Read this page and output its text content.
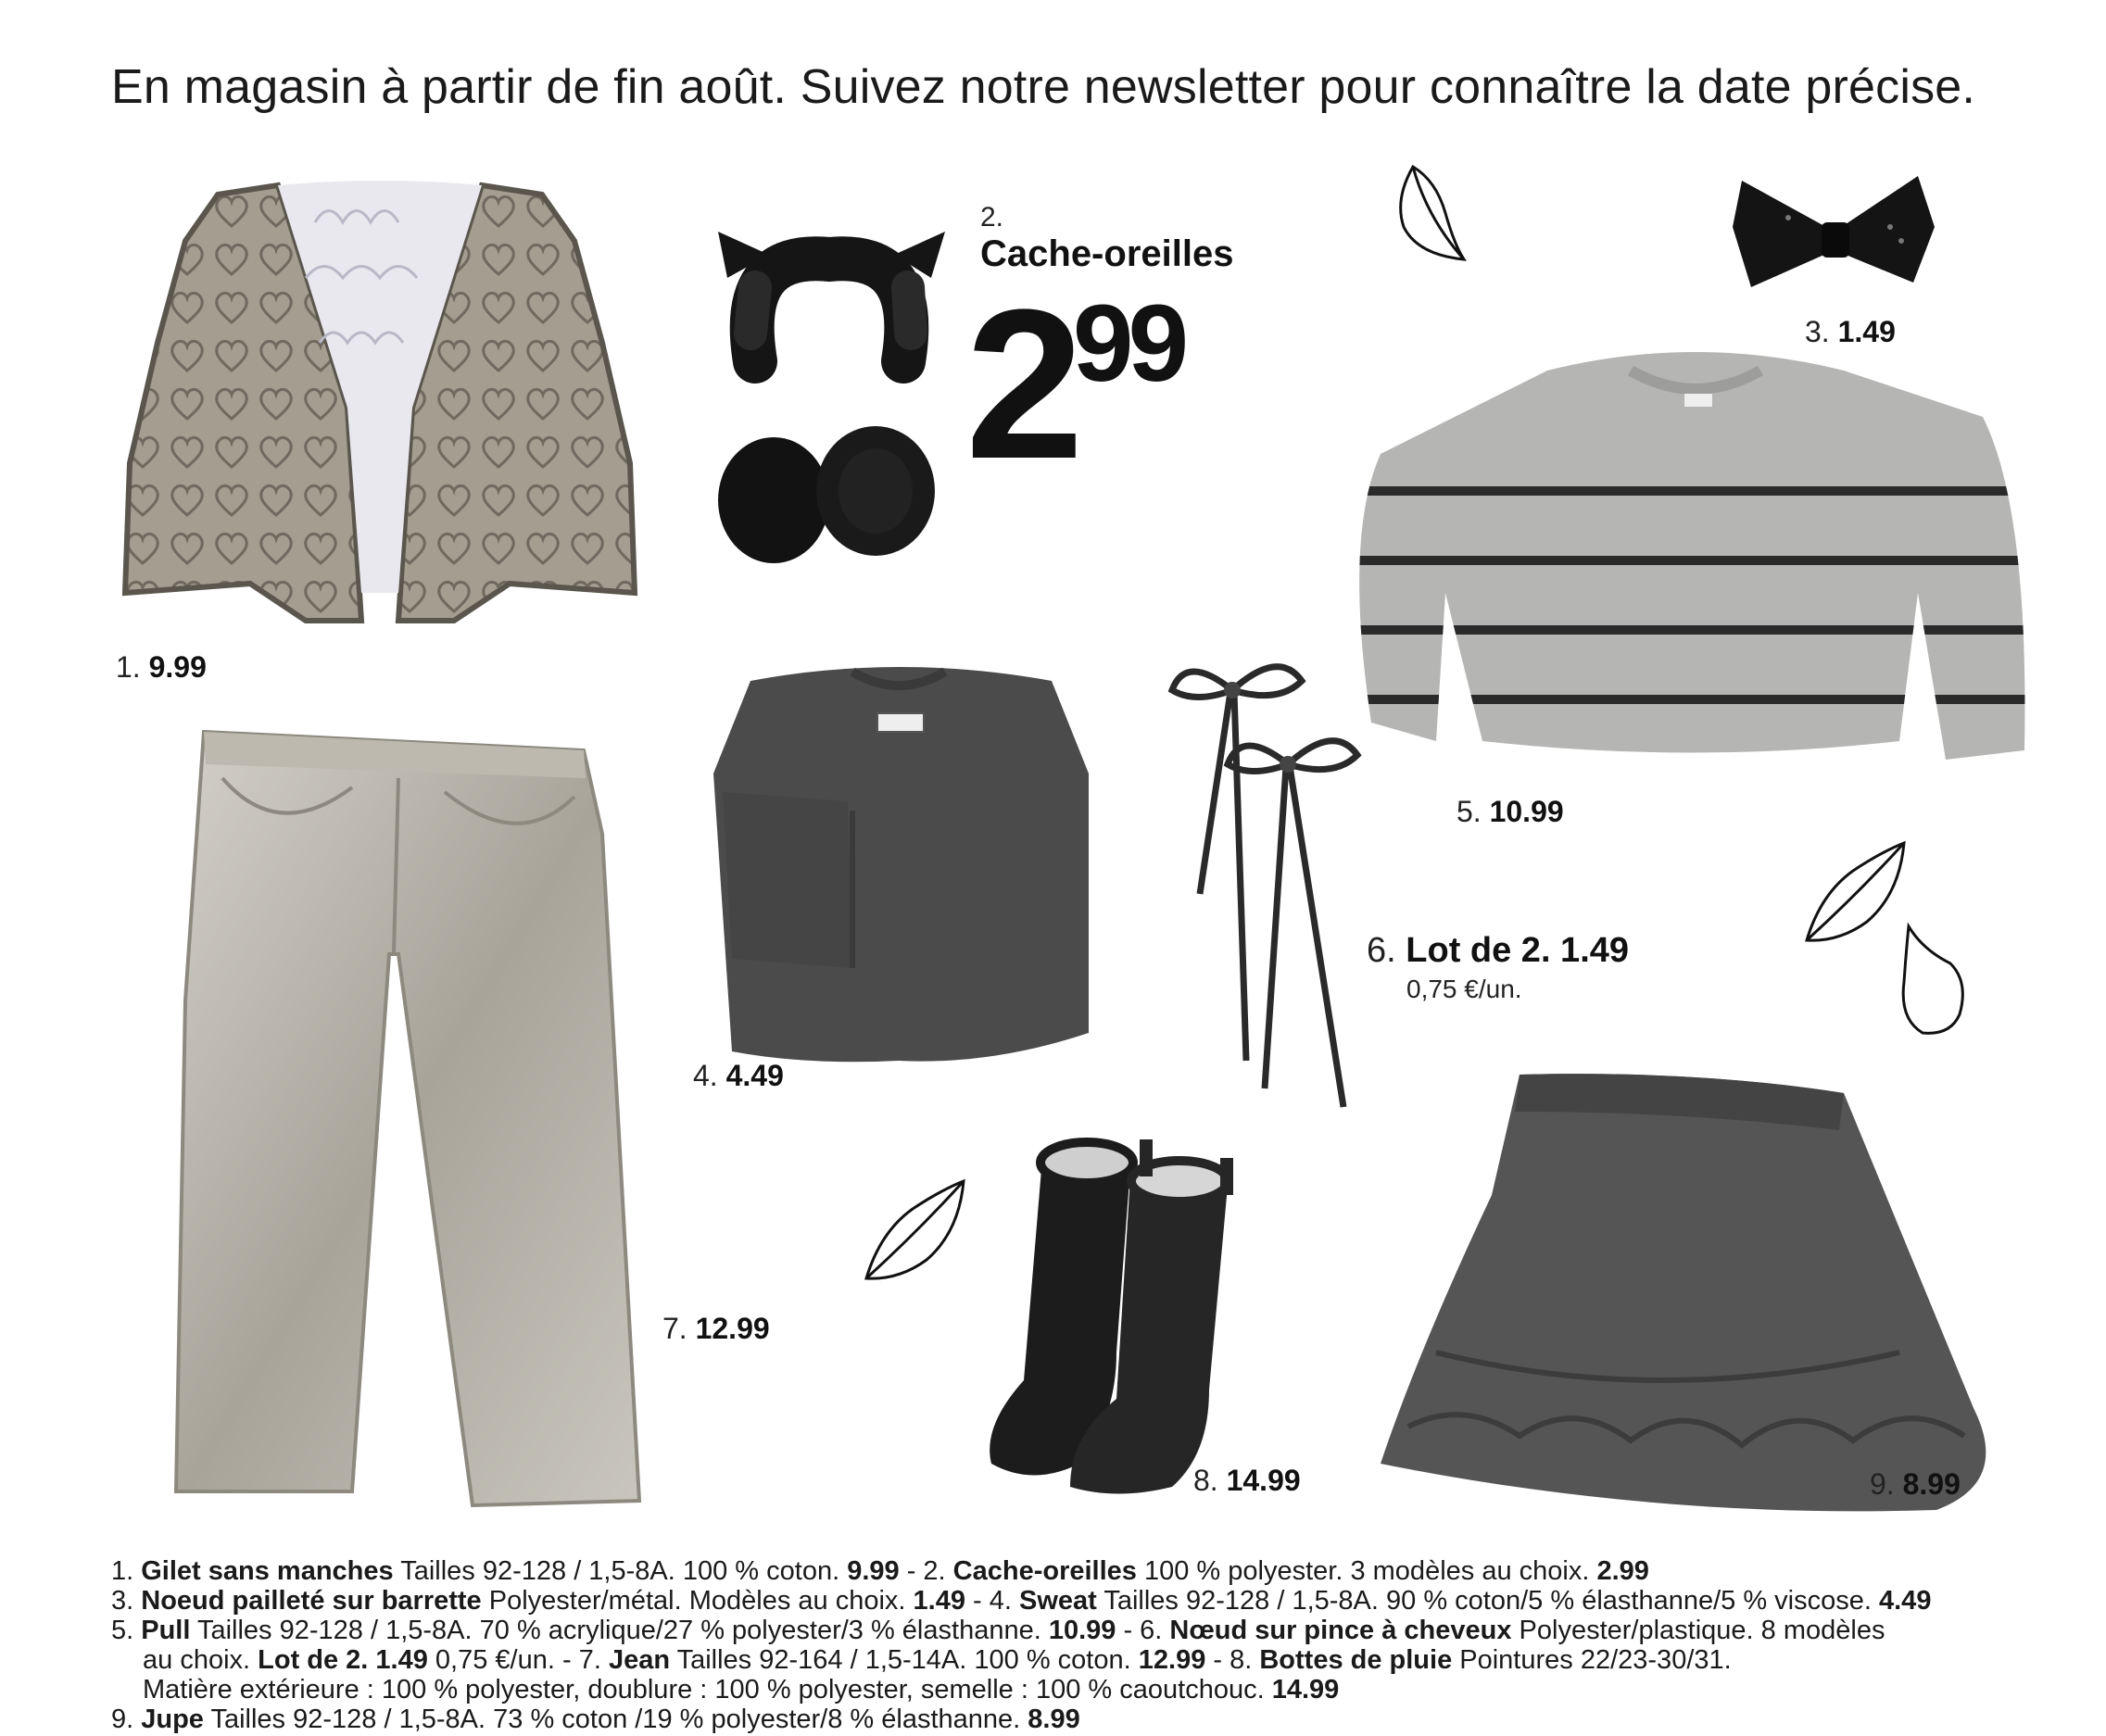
En magasin à partir de fin août. Suivez notre newsletter pour connaître la date précise.
2.
Cache-oreilles
299
1. 9.99
3. 1.49
4. 4.49
5. 10.99
7. 12.99
8. 14.99	9. 8.99
6. Lot de 2. 1.49
0,75 €/un.

1. Gilet sans manches Tailles 92-128 / 1,5-8A. 100 % coton. 9.99 - 2. Cache-oreilles 100 % polyester. 3 modèles au choix. 2.99

3. Noeud pailleté sur barrette Polyester/métal. Modèles au choix. 1.49 - 4. Sweat Tailles 92-128 / 1,5-8A. 90 % coton/5 % élasthanne/5 % viscose. 4.49

5. Pull Tailles 92-128 / 1,5-8A. 70 % acrylique/27 % polyester/3 % élasthanne. 10.99 - 6. Nœud sur pince à cheveux Polyester/plastique. 8 modèles

au choix. Lot de 2. 1.49 0,75 €/un. - 7. Jean Tailles 92-164 / 1,5-14A. 100 % coton. 12.99 - 8. Bottes de pluie Pointures 22/23-30/31.

Matière extérieure : 100 % polyester, doublure : 100 % polyester, semelle : 100 % caoutchouc. 14.99

9. Jupe Tailles 92-128 / 1,5-8A. 73 % coton /19 % polyester/8 % élasthanne. 8.99
